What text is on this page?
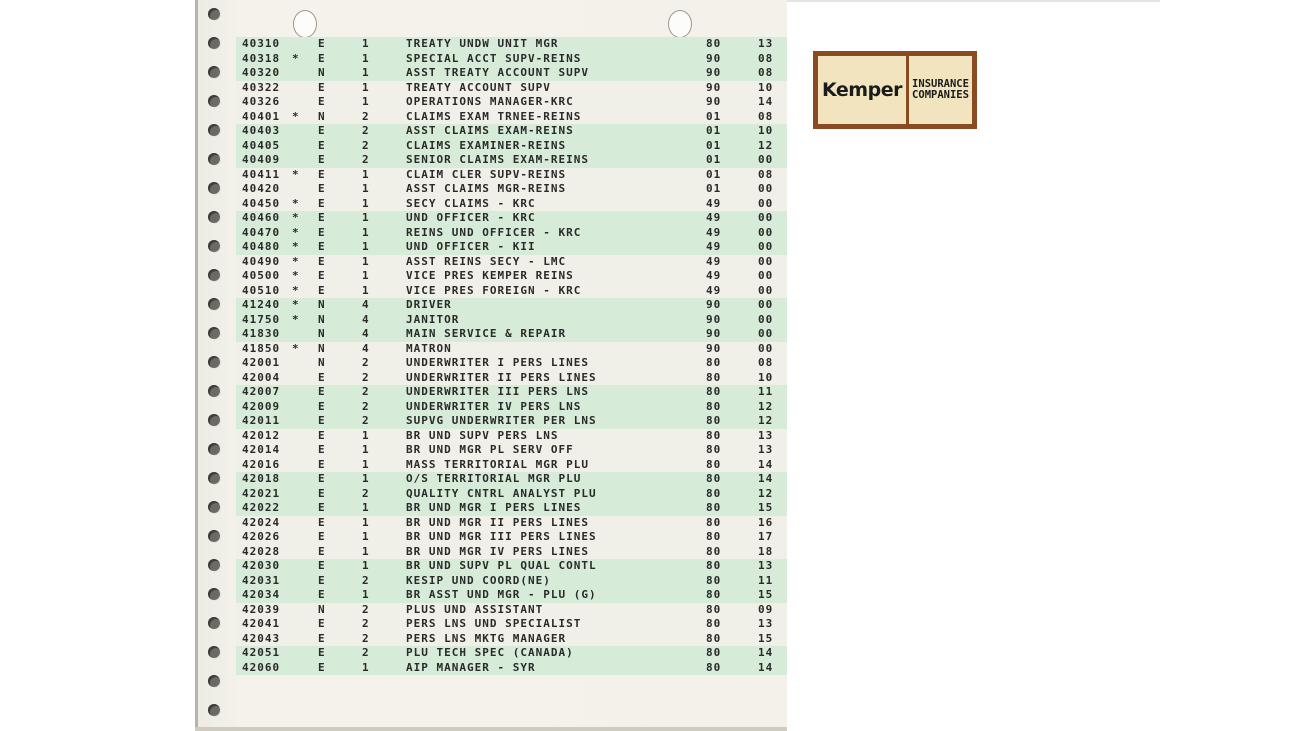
40310	E	1	TREATY UNDW UNIT MGR	80	13
40318 * E	1	SPECIAL ACCT SUPV-REINS	90	08
40320	N	1	ASST TREATY ACCOUNT SUPV	90	08
40322	E	1	TREATY ACCOUNT SUPV	90	10
40326	E	1	OPERATIONS MANAGER-KRC	90	14
40401 * N	2	CLAIMS EXAM TRNEE-REINS	01	08
40403	E	2	ASST CLAIMS EXAM-REINS	01	10
40405	E	2	CLAIMS EXAMINER-REINS	01	12
40409	E	2	SENIOR CLAIMS EXAM-REINS	01	00
40411 * E	1	CLAIM CLER SUPV-REINS	01	08
40420	E	1	ASST CLAIMS MGR-REINS	01	00
40450 * E	1	SECY CLAIMS - KRC	49	00
40460 * E	1	UND OFFICER - KRC	49	00
40470 * E	1	REINS UND OFFICER - KRC	49	00
40480 * E	1	UND OFFICER - KII	49	00
40490 * E	1	ASST REINS SECY - LMC	49	00
40500 * E	1	VICE PRES KEMPER REINS	49	00
40510 * E	1	VICE PRES FOREIGN - KRC	49	00
41240 * N	4	DRIVER	90	00
41750 * N	4	JANITOR	90	00
41830	N	4	MAIN SERVICE & REPAIR	90	00
41850 * N	4	MATRON	90	00
42001	N	2	UNDERWRITER I PERS LINES	80	08
42004	E	2	UNDERWRITER II PERS LINES	80	10
42007	E	2	UNDERWRITER III PERS LNS	80	11
42009	E	2	UNDERWRITER IV PERS LNS	80	12
42011	E	2	SUPVG UNDERWRITER PER LNS	80	12
42012	E	1	BR UND SUPV PERS LNS	80	13
42014	E	1	BR UND MGR PL SERV OFF	80	13
42016	E	1	MASS TERRITORIAL MGR PLU	80	14
42018	E	1	O/S TERRITORIAL MGR PLU	80	14
42021	E	2	QUALITY CNTRL ANALYST PLU	80	12
42022	E	1	BR UND MGR I PERS LINES	80	15
42024	E	1	BR UND MGR II PERS LINES	80	16
42026	E	1	BR UND MGR III PERS LINES	80	17
42028	E	1	BR UND MGR IV PERS LINES	80	18
42030	E	1	BR UND SUPV PL QUAL CONTL	80	13
42031	E	2	KESIP UND COORD(NE)	80	11
42034	E	1	BR ASST UND MGR - PLU (G)	80	15
42039	N	2	PLUS UND ASSISTANT	80	09
42041	E	2	PERS LNS UND SPECIALIST	80	13
42043	E	2	PERS LNS MKTG MANAGER	80	15
42051	E	2	PLU TECH SPEC (CANADA)	80	14
42060	E	1	AIP MANAGER - SYR	80	14
Kemper INSURANCE
COMPANIES
